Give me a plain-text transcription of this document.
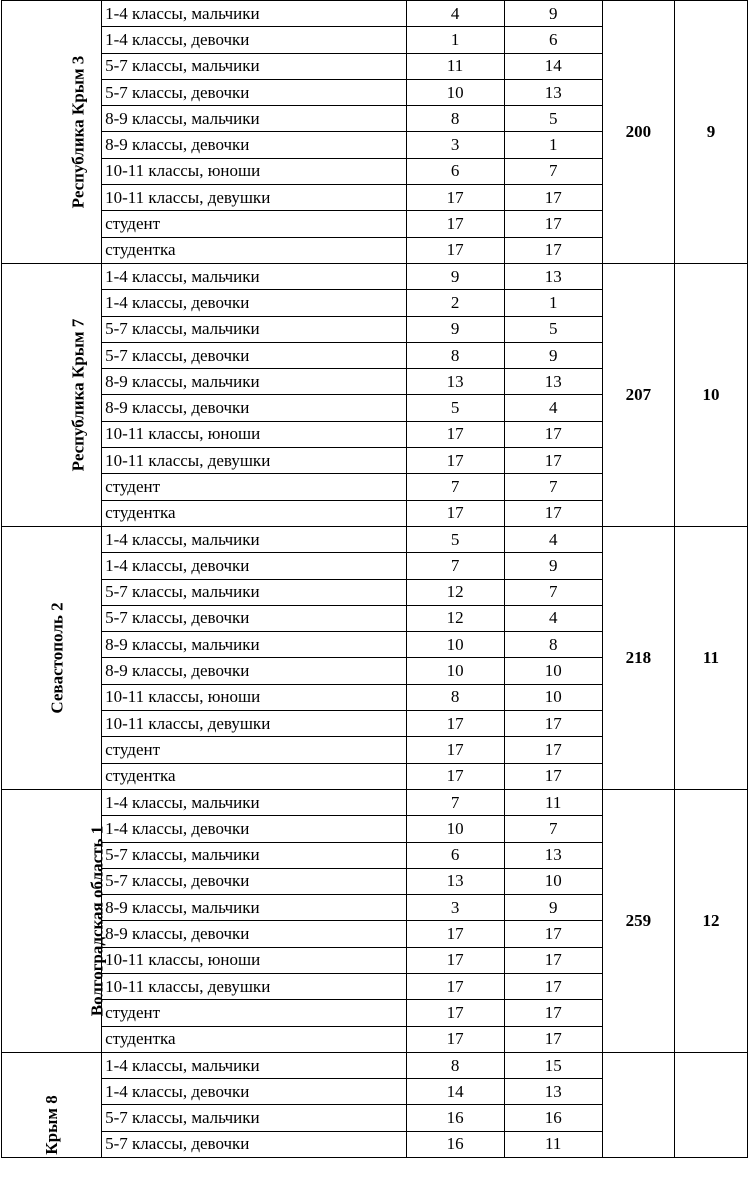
Республика Крым 3	1-4 классы, мальчики	4	9	200	9
	1-4 классы, девочки	1	6		
	5-7 классы, мальчики	11	14		
	5-7 классы, девочки	10	13		
	8-9 классы, мальчики	8	5		
	8-9 классы, девочки	3	1		
	10-11 классы, юноши	6	7		
	10-11 классы, девушки	17	17		
	студент	17	17		
	студентка	17	17		
Республика Крым 7	1-4 классы, мальчики	9	13	207	10
	1-4 классы, девочки	2	1		
	5-7 классы, мальчики	9	5		
	5-7 классы, девочки	8	9		
	8-9 классы, мальчики	13	13		
	8-9 классы, девочки	5	4		
	10-11 классы, юноши	17	17		
	10-11 классы, девушки	17	17		
	студент	7	7		
	студентка	17	17		
Севастополь 2	1-4 классы, мальчики	5	4	218	11
	1-4 классы, девочки	7	9		
	5-7 классы, мальчики	12	7		
	5-7 классы, девочки	12	4		
	8-9 классы, мальчики	10	8		
	8-9 классы, девочки	10	10		
	10-11 классы, юноши	8	10		
	10-11 классы, девушки	17	17		
	студент	17	17		
	студентка	17	17		
Волгоградская область 1	1-4 классы, мальчики	7	11	259	12
	1-4 классы, девочки	10	7		
	5-7 классы, мальчики	6	13		
	5-7 классы, девочки	13	10		
	8-9 классы, мальчики	3	9		
	8-9 классы, девочки	17	17		
	10-11 классы, юноши	17	17		
	10-11 классы, девушки	17	17		
	студент	17	17		
	студентка	17	17		

Крым 8	1-4 классы, мальчики	8	15		
	1-4 классы, девочки	14	13		
	5-7 классы, мальчики	16	16		
	5-7 классы, девочки	16	11		
